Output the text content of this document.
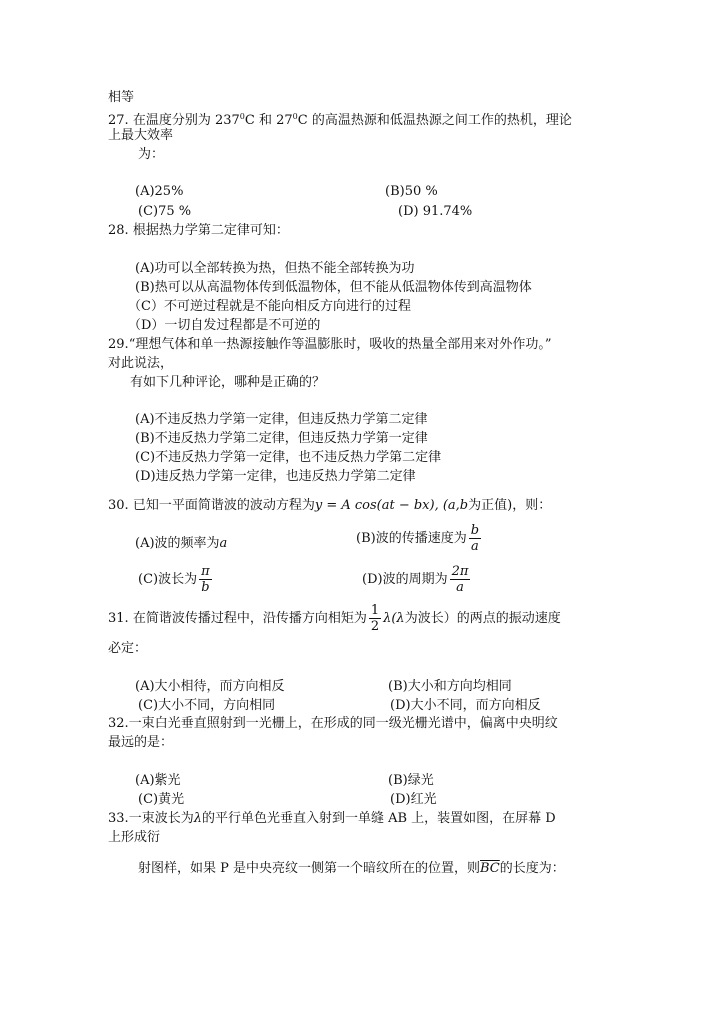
相等
27. 在温度分别为 $237^0C$ 和 $27^0C$ 的高温热源和低温热源之间工作的热机，理论
上最大效率
为：
(A)25%	(B)50 %
(C)75 %	(D) 91.74%
28. 根据热力学第二定律可知：
(A)功可以全部转换为热，但热不能全部转换为功
(B)热可以从高温物体传到低温物体，但不能从低温物体传到高温物体
（C）不可逆过程就是不能向相反方向进行的过程
（D）一切自发过程都是不可逆的
29.“理想气体和单一热源接触作等温膨胀时，吸收的热量全部用来对外作功。”
对此说法，
有如下几种评论，哪种是正确的？
(A)不违反热力学第一定律，但违反热力学第二定律
(B)不违反热力学第二定律，但违反热力学第一定律
(C)不违反热力学第一定律，也不违反热力学第二定律
(D)违反热力学第一定律，也违反热力学第二定律
30. 已知一平面简谐波的波动方程为y = A cos(at − bx), (a,b为正值)，则：
(A)波的频率为a	(B)波的传播速度为 $\frac{b}{a}$
(C)波长为 $\frac{\pi}{b}$	(D)波的周期为 $\frac{2\pi}{a}$
31. 在简谐波传播过程中，沿传播方向相矩为 $\frac{1}{2} \lambda(\lambda$为波长）的两点的振动速度
必定：
(A)大小相待，而方向相反	(B)大小和方向均相同
(C)大小不同，方向相同	(D)大小不同，而方向相反
32.一束白光垂直照射到一光栅上，在形成的同一级光栅光谱中，偏离中央明纹
最远的是：
(A)紫光	(B)绿光
(C)黄光	(D)红光
33.一束波长为λ的平行单色光垂直入射到一单缝 AB 上，装置如图，在屏幕 D
上形成衍
射图样，如果 P 是中央亮纹一侧第一个暗纹所在的位置，则$\overline{BC}$的长度为：
